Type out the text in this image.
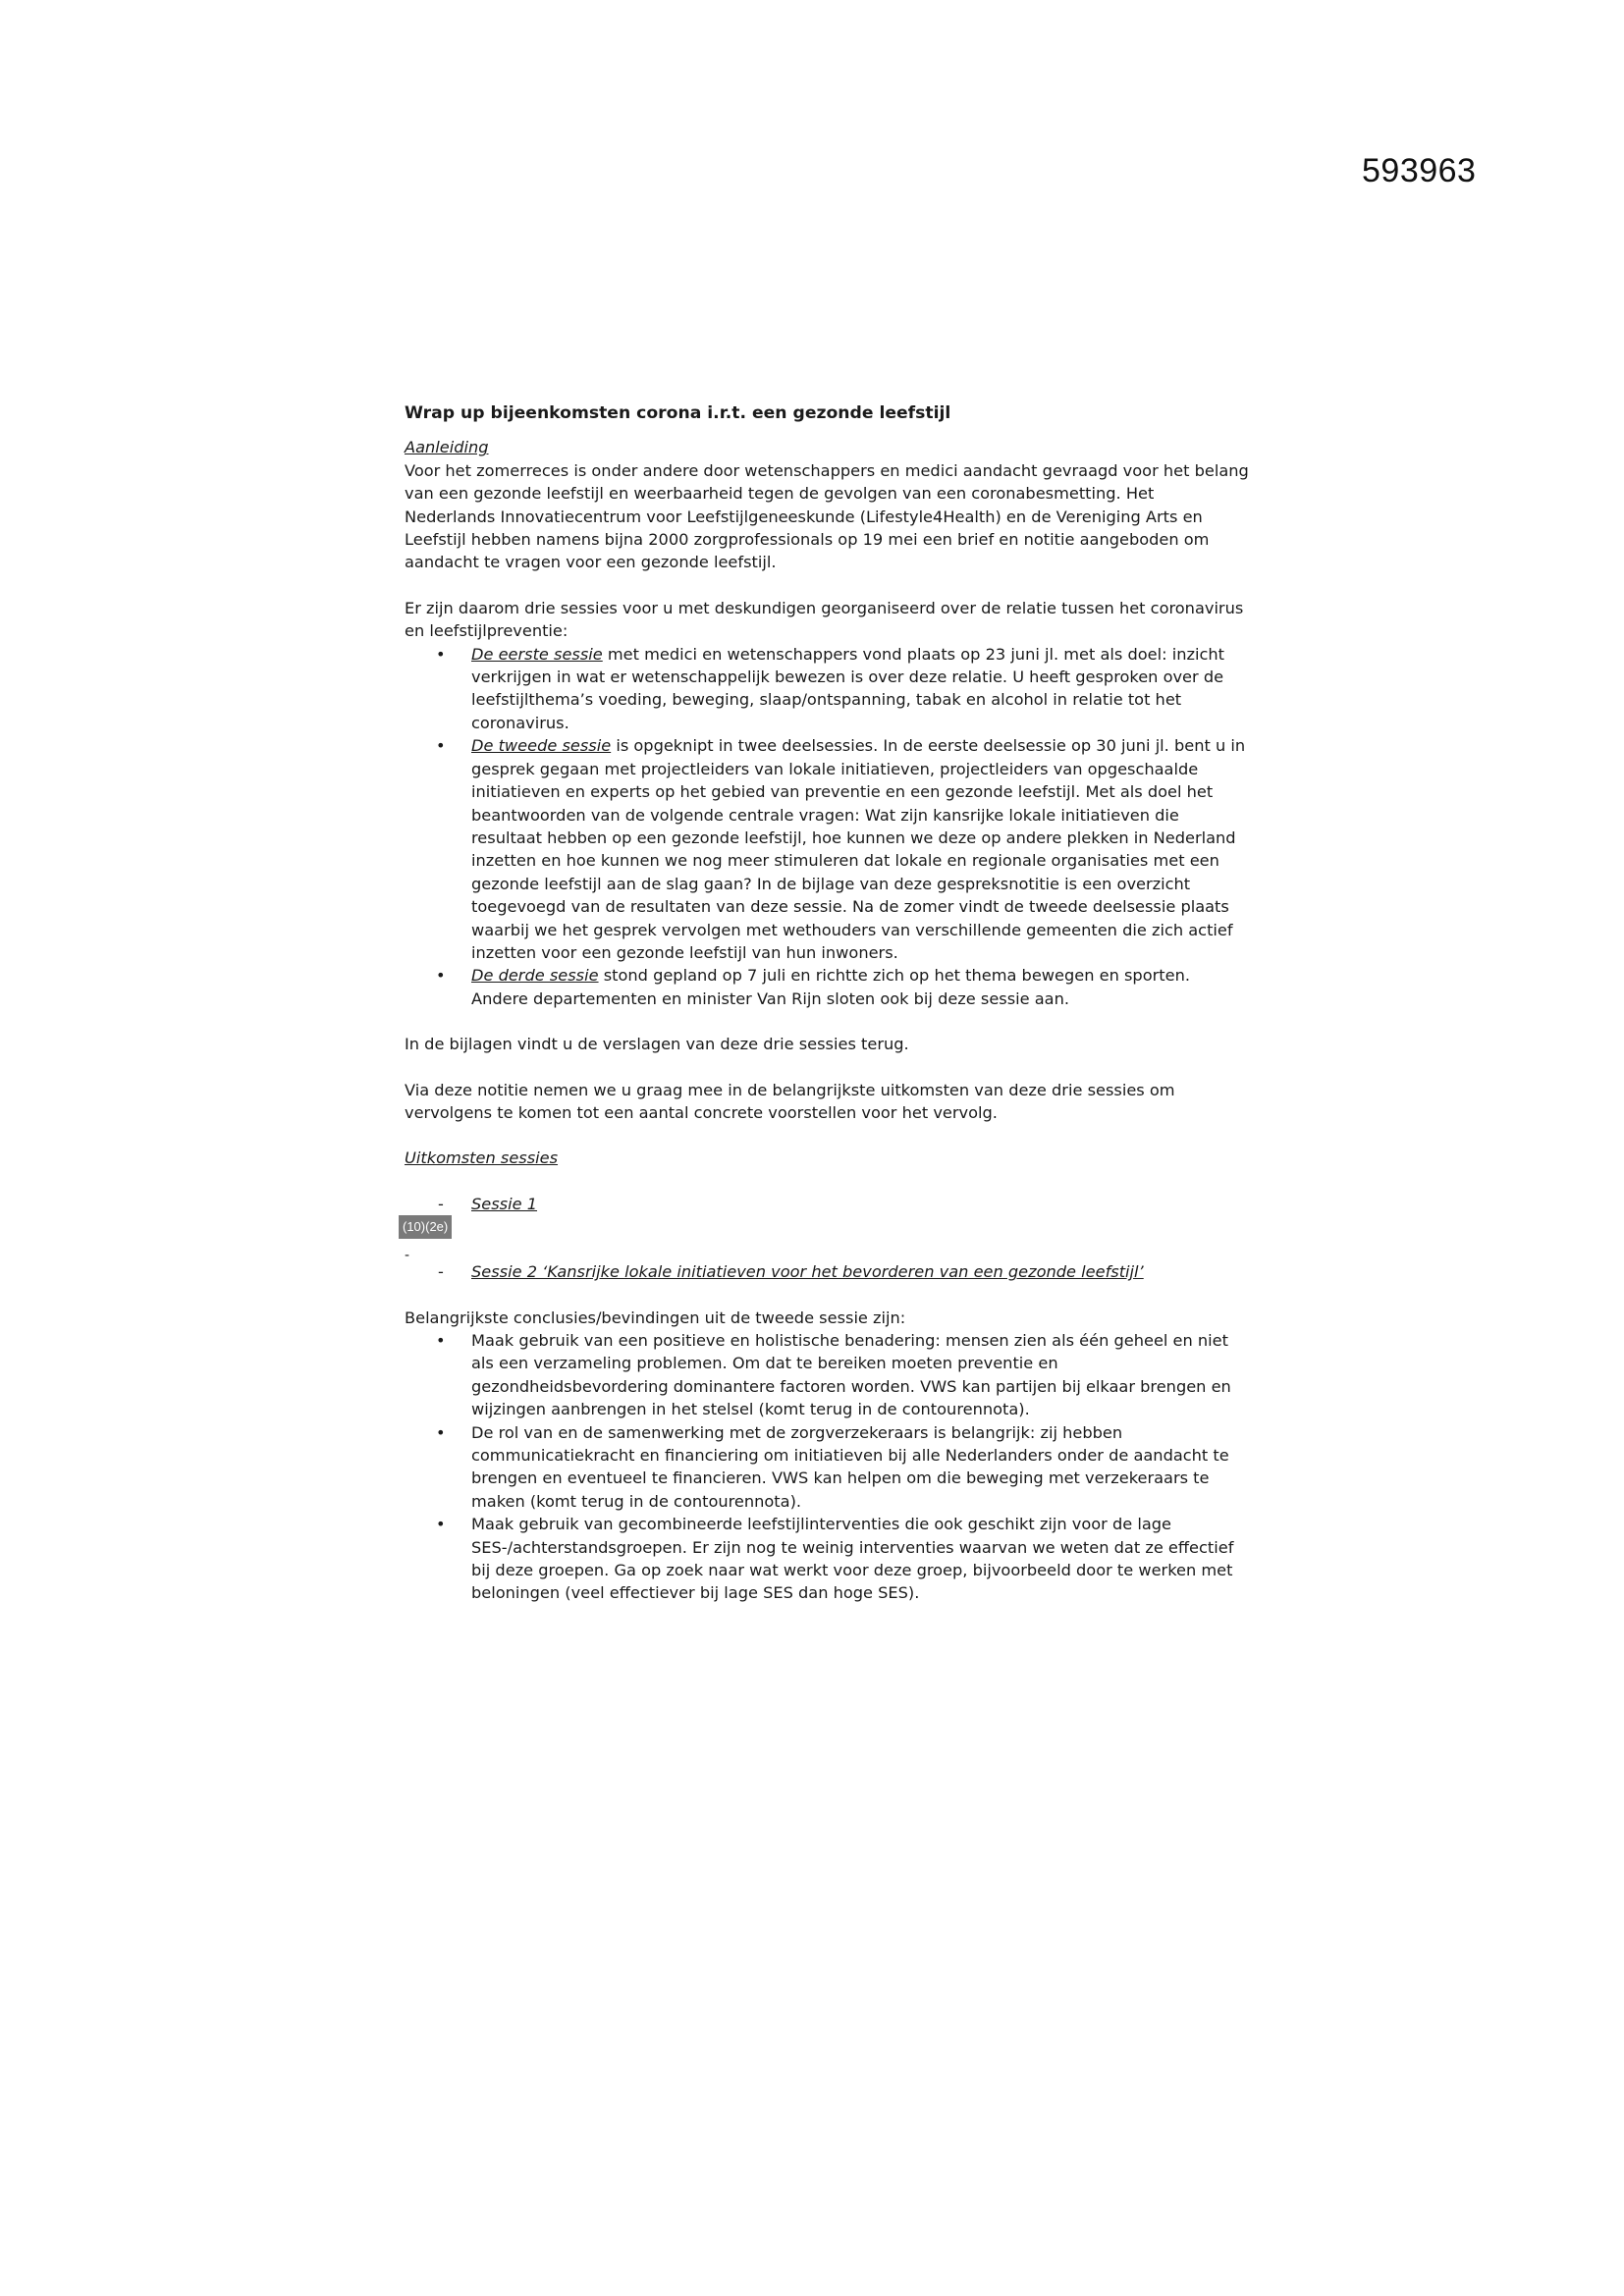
593963

Wrap up bijeenkomsten corona i.r.t. een gezonde leefstijl

Aanleiding

Voor het zomerreces is onder andere door wetenschappers en medici aandacht gevraagd voor het belang van een gezonde leefstijl en weerbaarheid tegen de gevolgen van een coronabesmetting. Het Nederlands Innovatiecentrum voor Leefstijlgeneeskunde (Lifestyle4Health) en de Vereniging Arts en Leefstijl hebben namens bijna 2000 zorgprofessionals op 19 mei een brief en notitie aangeboden om aandacht te vragen voor een gezonde leefstijl.

Er zijn daarom drie sessies voor u met deskundigen georganiseerd over de relatie tussen het coronavirus en leefstijlpreventie:

• De eerste sessie met medici en wetenschappers vond plaats op 23 juni jl. met als doel: inzicht verkrijgen in wat er wetenschappelijk bewezen is over deze relatie. U heeft gesproken over de leefstijlthema’s voeding, beweging, slaap/ontspanning, tabak en alcohol in relatie tot het coronavirus.
• De tweede sessie is opgeknipt in twee deelsessies. In de eerste deelsessie op 30 juni jl. bent u in gesprek gegaan met projectleiders van lokale initiatieven, projectleiders van opgeschaalde initiatieven en experts op het gebied van preventie en een gezonde leefstijl. Met als doel het beantwoorden van de volgende centrale vragen: Wat zijn kansrijke lokale initiatieven die resultaat hebben op een gezonde leefstijl, hoe kunnen we deze op andere plekken in Nederland inzetten en hoe kunnen we nog meer stimuleren dat lokale en regionale organisaties met een gezonde leefstijl aan de slag gaan? In de bijlage van deze gespreksnotitie is een overzicht toegevoegd van de resultaten van deze sessie. Na de zomer vindt de tweede deelsessie plaats waarbij we het gesprek vervolgen met wethouders van verschillende gemeenten die zich actief inzetten voor een gezonde leefstijl van hun inwoners.
• De derde sessie stond gepland op 7 juli en richtte zich op het thema bewegen en sporten. Andere departementen en minister Van Rijn sloten ook bij deze sessie aan.

In de bijlagen vindt u de verslagen van deze drie sessies terug.

Via deze notitie nemen we u graag mee in de belangrijkste uitkomsten van deze drie sessies om vervolgens te komen tot een aantal concrete voorstellen voor het vervolg.

Uitkomsten sessies

- Sessie 1
(10)(2e)
-
- Sessie 2 ‘Kansrijke lokale initiatieven voor het bevorderen van een gezonde leefstijl’

Belangrijkste conclusies/bevindingen uit de tweede sessie zijn:

• Maak gebruik van een positieve en holistische benadering: mensen zien als één geheel en niet als een verzameling problemen. Om dat te bereiken moeten preventie en gezondheidsbevordering dominantere factoren worden. VWS kan partijen bij elkaar brengen en wijzingen aanbrengen in het stelsel (komt terug in de contourennota).
• De rol van en de samenwerking met de zorgverzekeraars is belangrijk: zij hebben communicatiekracht en financiering om initiatieven bij alle Nederlanders onder de aandacht te brengen en eventueel te financieren. VWS kan helpen om die beweging met verzekeraars te maken (komt terug in de contourennota).
• Maak gebruik van gecombineerde leefstijlinterventies die ook geschikt zijn voor de lage SES-/achterstandsgroepen. Er zijn nog te weinig interventies waarvan we weten dat ze effectief bij deze groepen. Ga op zoek naar wat werkt voor deze groep, bijvoorbeeld door te werken met beloningen (veel effectiever bij lage SES dan hoge SES).
